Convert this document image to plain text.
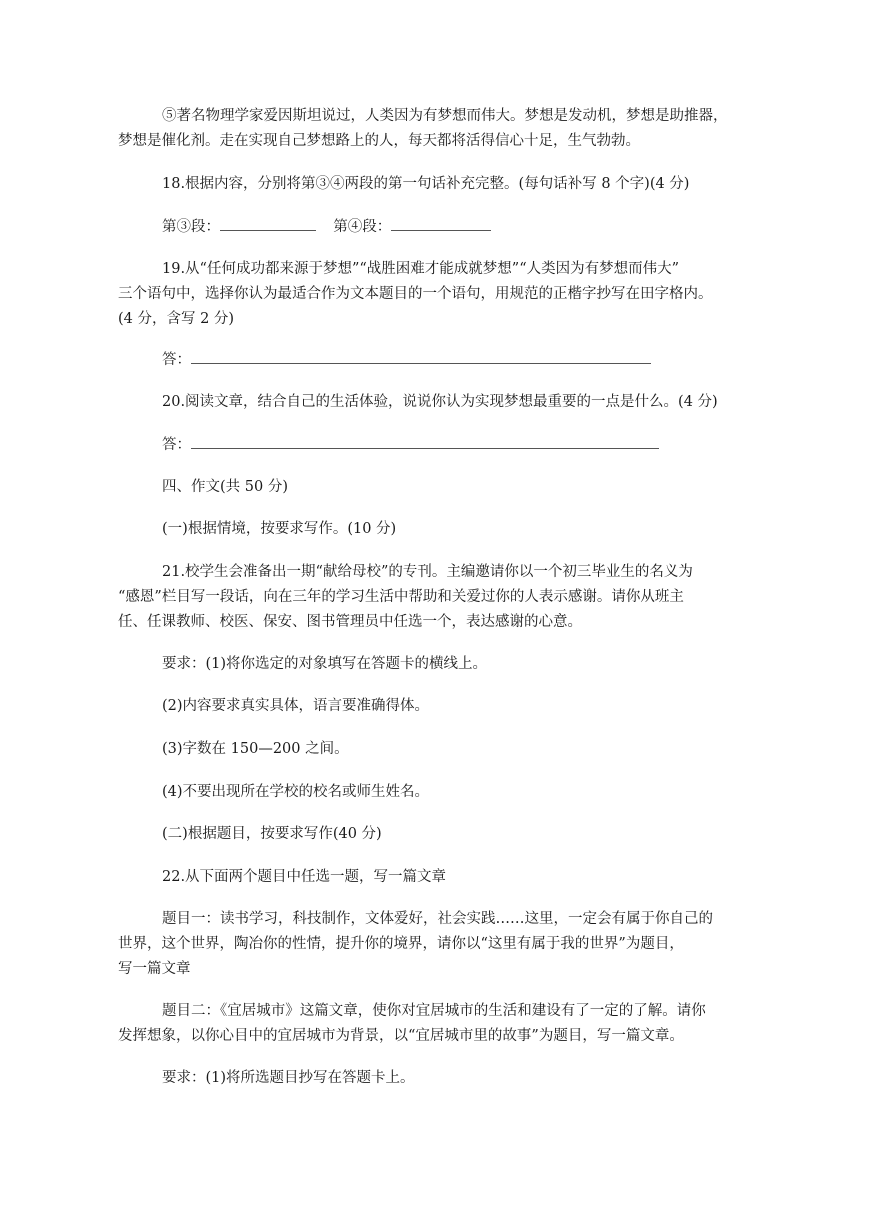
⑤著名物理学家爱因斯坦说过，人类因为有梦想而伟大。梦想是发动机，梦想是助推器，

梦想是催化剂。走在实现自己梦想路上的人，每天都将活得信心十足，生气勃勃。

18.根据内容，分别将第③④两段的第一句话补充完整。(每句话补写 8 个字)(4 分)

第③段：	第④段：

19.从“任何成功都来源于梦想”“战胜困难才能成就梦想”“人类因为有梦想而伟大”

三个语句中，选择你认为最适合作为文本题目的一个语句，用规范的正楷字抄写在田字格内。

(4 分，含写 2 分)

答：

20.阅读文章，结合自己的生活体验，说说你认为实现梦想最重要的一点是什么。(4 分)

答：

四、作文(共 50 分)

(一)根据情境，按要求写作。(10 分)

21.校学生会准备出一期“献给母校”的专刊。主编邀请你以一个初三毕业生的名义为

“感恩”栏目写一段话，向在三年的学习生活中帮助和关爱过你的人表示感谢。请你从班主

任、任课教师、校医、保安、图书管理员中任选一个，表达感谢的心意。

要求：(1)将你选定的对象填写在答题卡的横线上。

(2)内容要求真实具体，语言要准确得体。

(3)字数在 150—200 之间。

(4)不要出现所在学校的校名或师生姓名。

(二)根据题目，按要求写作(40 分)

22.从下面两个题目中任选一题，写一篇文章

题目一：读书学习，科技制作，文体爱好，社会实践……这里，一定会有属于你自己的

世界，这个世界，陶冶你的性情，提升你的境界，请你以“这里有属于我的世界”为题目，

写一篇文章

题目二：《宜居城市》这篇文章，使你对宜居城市的生活和建设有了一定的了解。请你

发挥想象，以你心目中的宜居城市为背景，以“宜居城市里的故事”为题目，写一篇文章。

要求：(1)将所选题目抄写在答题卡上。
